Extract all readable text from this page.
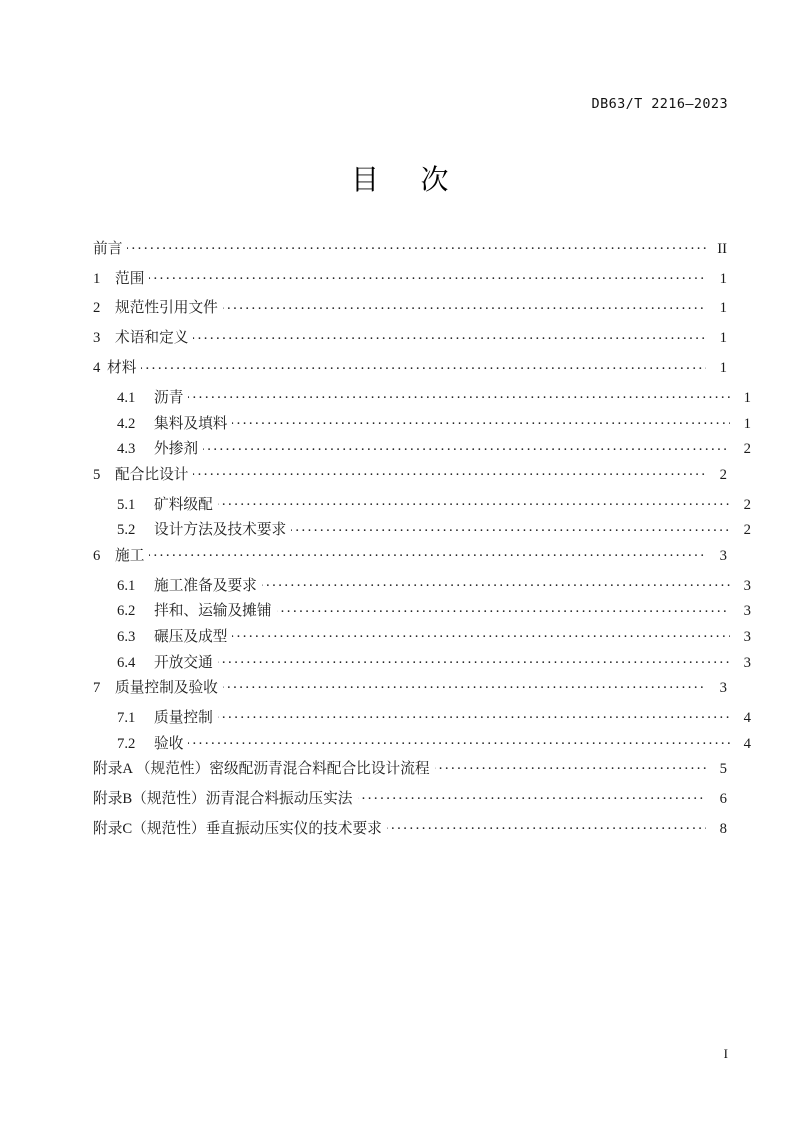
DB63/T 2216—2023
目 次
前言 . . .	II
1 范围 . . .	1
2 规范性引用文件 . . .	1
3 术语和定义 . . .	1
4 材料 . . .	1
4.1	沥青 . . .	1
4.2	集料及填料 . . .	1
4.3	外掺剂 . . .	2
5 配合比设计 . . .	2
5.1	矿料级配 . . .	2
5.2	设计方法及技术要求 . . .	2
6 施工 . . .	3
6.1	施工准备及要求 . . .	3
6.2	拌和、运输及摊铺 . . .	3
6.3	碾压及成型 . . .	3
6.4	开放交通 . . .	3
7 质量控制及验收 . . .	3
7.1	质量控制 . . .	4
7.2	验收 . . .	4
附录A （规范性）密级配沥青混合料配合比设计流程 . . .	5
附录B（规范性）沥青混合料振动压实法 . . .	6
附录C（规范性）垂直振动压实仪的技术要求 . . .	8
I
